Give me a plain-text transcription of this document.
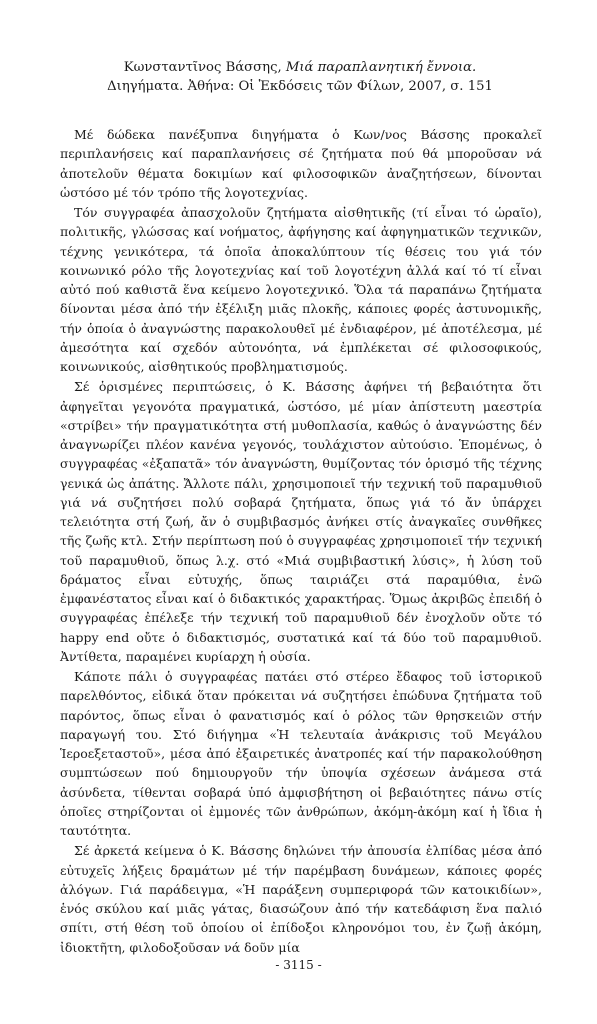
Κωνσταντῖνος Βάσσης, Μιά παραπλανητική ἔννοια.
Διηγήματα. Ἀθήνα: Οἱ Ἐκδόσεις τῶν Φίλων, 2007, σ. 151

Μέ δώδεκα πανέξυπνα διηγήματα ὁ Κων/νος Βάσσης προκαλεῖ περιπλανήσεις καί παραπλανήσεις σέ ζητήματα πού θά μποροῦσαν νά ἀποτελοῦν θέματα δοκιμίων καί φιλοσοφικῶν ἀναζητήσεων, δίνονται ὡστόσο μέ τόν τρόπο τῆς λογοτεχνίας.

Τόν συγγραφέα ἀπασχολοῦν ζητήματα αἰσθητικῆς (τί εἶναι τό ὡραῖο), πολιτικῆς, γλώσσας καί νοήματος, ἀφήγησης καί ἀφηγηματικῶν τεχνικῶν, τέχνης γενικότερα, τά ὁποῖα ἀποκαλύπτουν τίς θέσεις του γιά τόν κοινωνικό ρόλο τῆς λογοτεχνίας καί τοῦ λογοτέχνη ἀλλά καί τό τί εἶναι αὐτό πού καθιστᾶ ἕνα κείμενο λογοτεχνικό. Ὅλα τά παραπάνω ζητήματα δίνονται μέσα ἀπό τήν ἐξέλιξη μιᾶς πλοκῆς, κάποιες φορές ἀστυνομικῆς, τήν ὁποία ὁ ἀναγνώστης παρακολουθεῖ μέ ἐνδιαφέρον, μέ ἀποτέλεσμα, μέ ἀμεσότητα καί σχεδόν αὐτονόητα, νά ἐμπλέκεται σέ φιλοσοφικούς, κοινωνικούς, αἰσθητικούς προβληματισμούς.

Σέ ὁρισμένες περιπτώσεις, ὁ Κ. Βάσσης ἀφήνει τή βεβαιότητα ὅτι ἀφηγεῖται γεγονότα πραγματικά, ὡστόσο, μέ μίαν ἀπίστευτη μαεστρία «στρίβει» τήν πραγματικότητα στή μυθοπλασία, καθώς ὁ ἀναγνώστης δέν ἀναγνωρίζει πλέον κανένα γεγονός, τουλάχιστον αὐτούσιο. Ἑπομένως, ὁ συγγραφέας «ἐξαπατᾶ» τόν ἀναγνώστη, θυμίζοντας τόν ὁρισμό τῆς τέχνης γενικά ὡς ἀπάτης. Ἄλλοτε πάλι, χρησιμοποιεῖ τήν τεχνική τοῦ παραμυθιοῦ γιά νά συζητήσει πολύ σοβαρά ζητήματα, ὅπως γιά τό ἄν ὑπάρχει τελειότητα στή ζωή, ἄν ὁ συμβιβασμός ἀνήκει στίς ἀναγκαῖες συνθῆκες τῆς ζωῆς κτλ. Στήν περίπτωση πού ὁ συγγραφέας χρησιμοποιεῖ τήν τεχνική τοῦ παραμυθιοῦ, ὅπως λ.χ. στό «Μιά συμβιβαστική λύσις», ἡ λύση τοῦ δράματος εἶναι εὐτυχής, ὅπως ταιριάζει στά παραμύθια, ἐνῶ ἐμφανέστατος εἶναι καί ὁ διδακτικός χαρακτήρας. Ὅμως ἀκριβῶς ἐπειδή ὁ συγγραφέας ἐπέλεξε τήν τεχνική τοῦ παραμυθιοῦ δέν ἐνοχλοῦν οὔτε τό happy end οὔτε ὁ διδακτισμός, συστατικά καί τά δύο τοῦ παραμυθιοῦ. Ἀντίθετα, παραμένει κυρίαρχη ἡ οὐσία.

Κάποτε πάλι ὁ συγγραφέας πατάει στό στέρεο ἔδαφος τοῦ ἱστορικοῦ παρελθόντος, εἰδικά ὅταν πρόκειται νά συζητήσει ἐπώδυνα ζητήματα τοῦ παρόντος, ὅπως εἶναι ὁ φανατισμός καί ὁ ρόλος τῶν θρησκειῶν στήν παραγωγή του. Στό διήγημα «Ἡ τελευταία ἀνάκρισις τοῦ Μεγάλου Ἱεροεξεταστοῦ», μέσα ἀπό ἐξαιρετικές ἀνατροπές καί τήν παρακολούθηση συμπτώσεων πού δημιουργοῦν τήν ὑποψία σχέσεων ἀνάμεσα στά ἀσύνδετα, τίθενται σοβαρά ὑπό ἀμφισβήτηση οἱ βεβαιότητες πάνω στίς ὁποῖες στηρίζονται οἱ ἐμμονές τῶν ἀνθρώπων, ἀκόμη-ἀκόμη καί ἡ ἴδια ἡ ταυτότητα.

Σέ ἀρκετά κείμενα ὁ Κ. Βάσσης δηλώνει τήν ἀπουσία ἐλπίδας μέσα ἀπό εὐτυχεῖς λήξεις δραμάτων μέ τήν παρέμβαση δυνάμεων, κάποιες φορές ἀλόγων. Γιά παράδειγμα, «Ἡ παράξενη συμπεριφορά τῶν κατοικιδίων», ἑνός σκύλου καί μιᾶς γάτας, διασώζουν ἀπό τήν κατεδάφιση ἕνα παλιό σπίτι, στή θέση τοῦ ὁποίου οἱ ἐπίδοξοι κληρονόμοι του, ἐν ζωῇ ἀκόμη, ἰδιοκτῆτη, φιλοδοξοῦσαν νά δοῦν μία

- 3115 -
